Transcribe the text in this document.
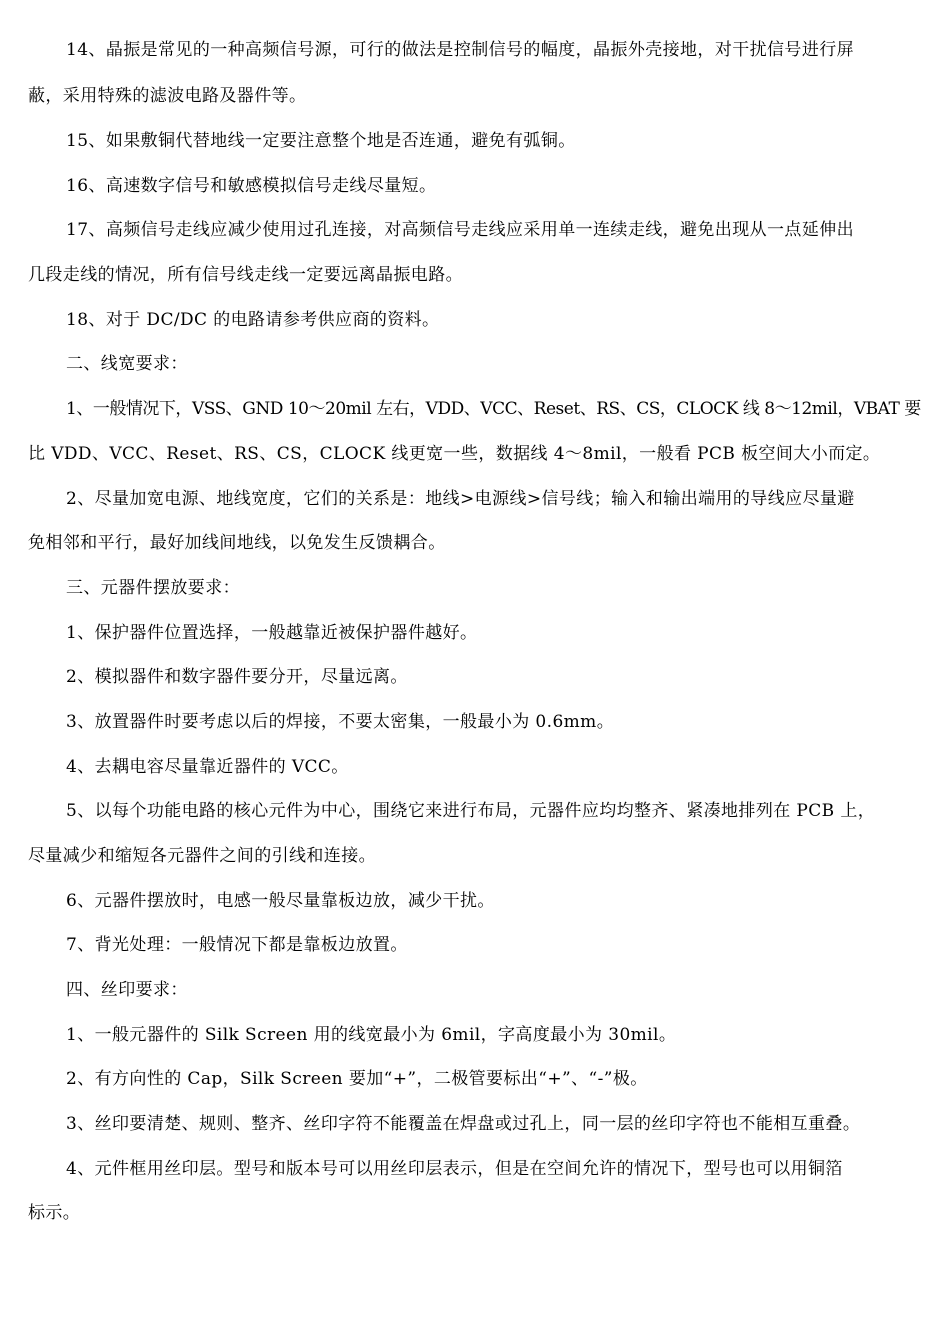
14、晶振是常见的一种高频信号源，可行的做法是控制信号的幅度，晶振外壳接地，对干扰信号进行屏
蔽，采用特殊的滤波电路及器件等。
15、如果敷铜代替地线一定要注意整个地是否连通，避免有弧铜。
16、高速数字信号和敏感模拟信号走线尽量短。
17、高频信号走线应减少使用过孔连接，对高频信号走线应采用单一连续走线，避免出现从一点延伸出
几段走线的情况，所有信号线走线一定要远离晶振电路。
18、对于 DC/DC 的电路请参考供应商的资料。
二、线宽要求：
1、一般情况下，VSS、GND 10～20mil 左右，VDD、VCC、Reset、RS、CS，CLOCK 线 8～12mil，VBAT 要
比 VDD、VCC、Reset、RS、CS，CLOCK 线更宽一些，数据线 4～8mil，一般看 PCB 板空间大小而定。
2、尽量加宽电源、地线宽度，它们的关系是：地线>电源线>信号线；输入和输出端用的导线应尽量避
免相邻和平行，最好加线间地线，以免发生反馈耦合。
三、元器件摆放要求：
1、保护器件位置选择，一般越靠近被保护器件越好。
2、模拟器件和数字器件要分开，尽量远离。
3、放置器件时要考虑以后的焊接，不要太密集，一般最小为 0.6mm。
4、去耦电容尽量靠近器件的 VCC。
5、以每个功能电路的核心元件为中心，围绕它来进行布局，元器件应均均整齐、紧凑地排列在 PCB 上，
尽量减少和缩短各元器件之间的引线和连接。
6、元器件摆放时，电感一般尽量靠板边放，减少干扰。
7、背光处理：一般情况下都是靠板边放置。
四、丝印要求：
1、一般元器件的 Silk Screen 用的线宽最小为 6mil，字高度最小为 30mil。
2、有方向性的 Cap，Silk Screen 要加“+”，二极管要标出“+”、“-”极。
3、丝印要清楚、规则、整齐、丝印字符不能覆盖在焊盘或过孔上，同一层的丝印字符也不能相互重叠。
4、元件框用丝印层。型号和版本号可以用丝印层表示，但是在空间允许的情况下，型号也可以用铜箔
标示。
